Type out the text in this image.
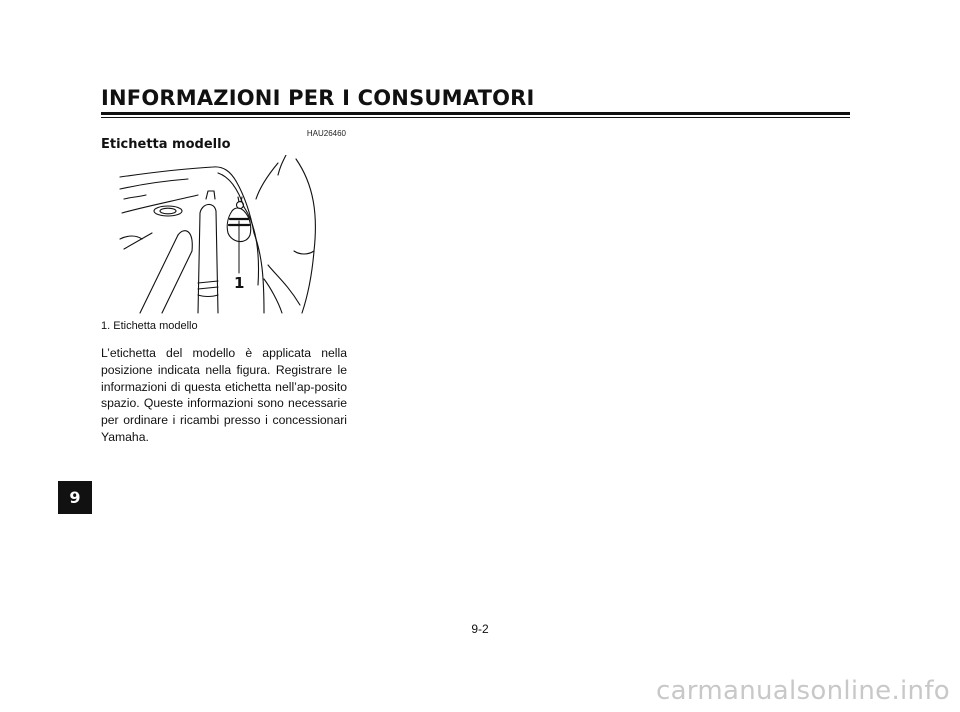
INFORMAZIONI PER I CONSUMATORI
HAU26460
Etichetta modello
1
1. Etichetta modello
L’etichetta del modello è applicata nella posizione indicata nella figura. Registrare le informazioni di questa etichetta nell’ap-posito spazio. Queste informazioni sono necessarie per ordinare i ricambi presso i concessionari Yamaha.
9
9-2
carmanualsonline.info
